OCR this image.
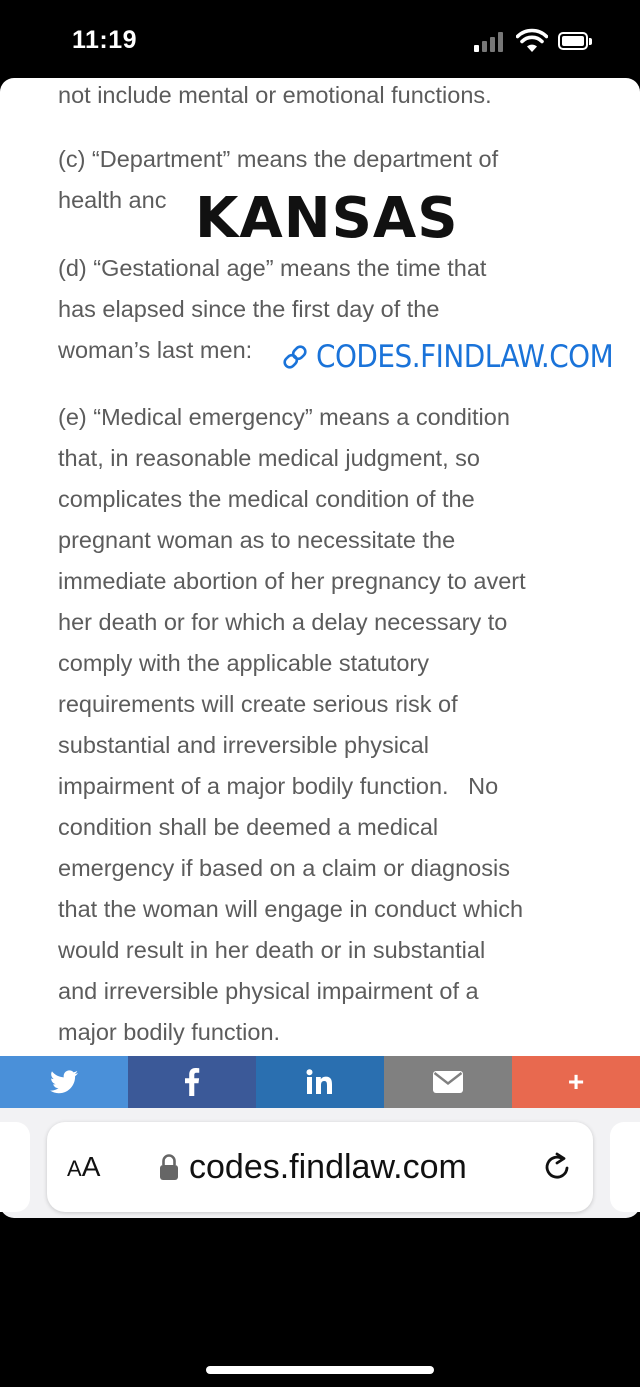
11:19
not include mental or emotional functions.
(c) “Department” means the department of
health anc
(d) “Gestational age” means the time that
has elapsed since the first day of the
woman’s last men:
(e) “Medical emergency” means a condition
that, in reasonable medical judgment, so
complicates the medical condition of the
pregnant woman as to necessitate the
immediate abortion of her pregnancy to avert
her death or for which a delay necessary to
comply with the applicable statutory
requirements will create serious risk of
substantial and irreversible physical
impairment of a major bodily function.   No
condition shall be deemed a medical
emergency if based on a claim or diagnosis
that the woman will engage in conduct which
would result in her death or in substantial
and irreversible physical impairment of a
major bodily function.
KANSAS
CODES.FINDLAW.COM
+
AA	codes.findlaw.com
